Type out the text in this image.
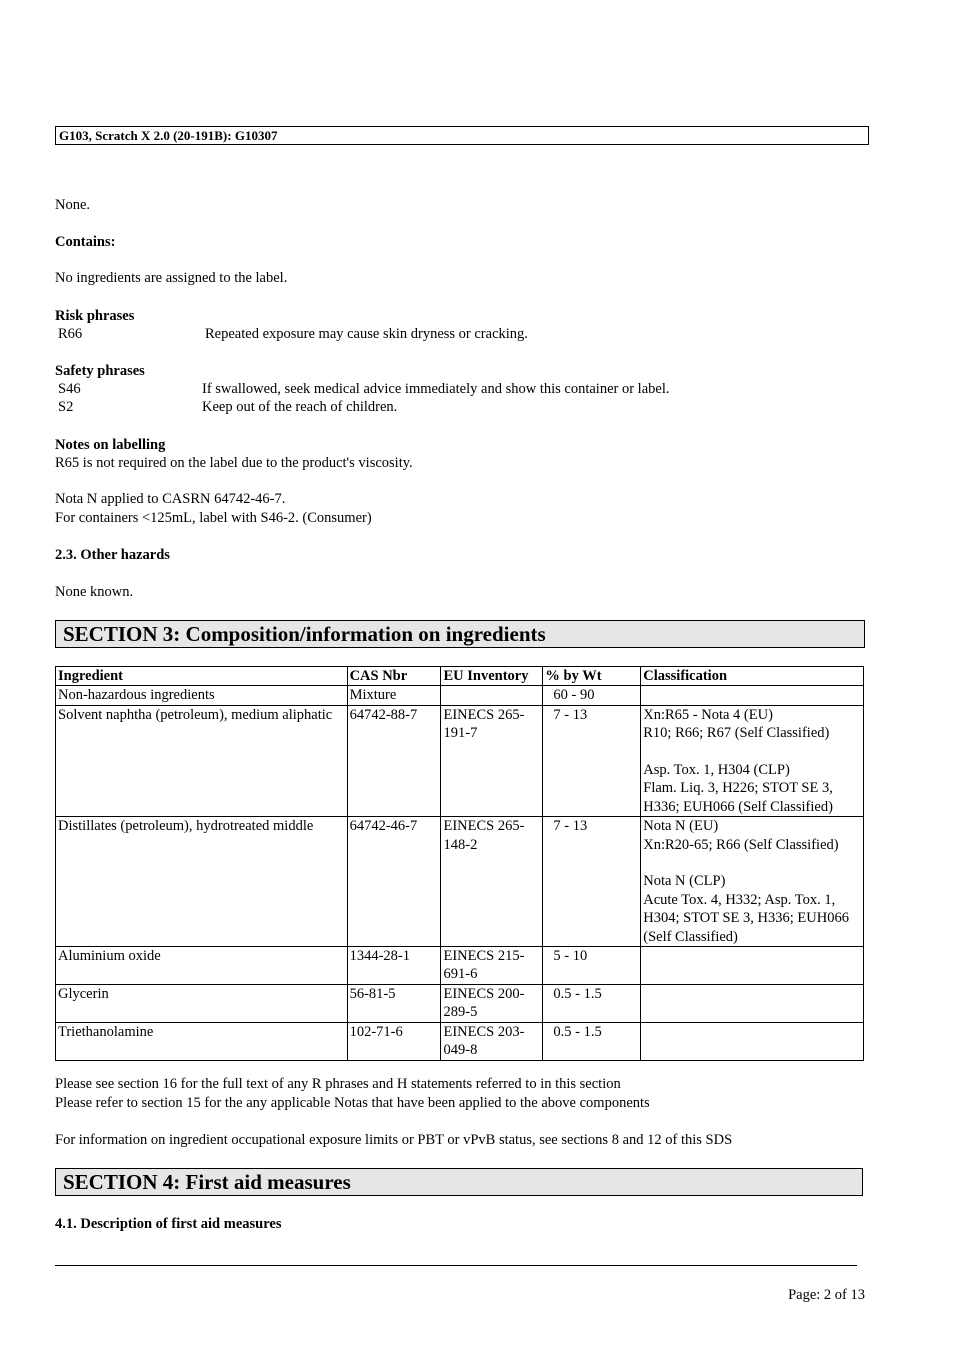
G103, Scratch X 2.0 (20-191B): G10307
None.
Contains:
No ingredients are assigned to the label.
Risk phrases
R66	Repeated exposure may cause skin dryness or cracking.
Safety phrases
S46	If swallowed, seek medical advice immediately and show this container or label.
S2	Keep out of the reach of children.
Notes on labelling
R65 is not required on the label due to the product's viscosity.
Nota N applied to CASRN 64742-46-7.
For containers <125mL, label with S46-2. (Consumer)
2.3. Other hazards
None known.
SECTION 3: Composition/information on ingredients
Ingredient	CAS Nbr	EU Inventory	% by Wt	Classification
Non-hazardous ingredients	Mixture		60 - 90	
Solvent naphtha (petroleum), medium aliphatic	64742-88-7	EINECS 265-191-7	7 - 13	Xn:R65 - Nota 4 (EU)
R10; R66; R67 (Self Classified)
Asp. Tox. 1, H304 (CLP)
Flam. Liq. 3, H226; STOT SE 3, H336; EUH066 (Self Classified)

Distillates (petroleum), hydrotreated middle	64742-46-7	EINECS 265-148-2	7 - 13	Nota N (EU)
Xn:R20-65; R66 (Self Classified)
Nota N (CLP)
Acute Tox. 4, H332; Asp. Tox. 1, H304; STOT SE 3, H336; EUH066 (Self Classified)

Aluminium oxide	1344-28-1	EINECS 215-691-6	5 - 10	
Glycerin	56-81-5	EINECS 200-289-5	0.5 - 1.5	
Triethanolamine	102-71-6	EINECS 203-049-8	0.5 - 1.5	
Please see section 16 for the full text of any R phrases and H statements referred to in this section
Please refer to section 15 for the any applicable Notas that have been applied to the above components
For information on ingredient occupational exposure limits or PBT or vPvB status, see sections 8 and 12 of this SDS
SECTION 4: First aid measures
4.1. Description of first aid measures
Page: 2 of 13
